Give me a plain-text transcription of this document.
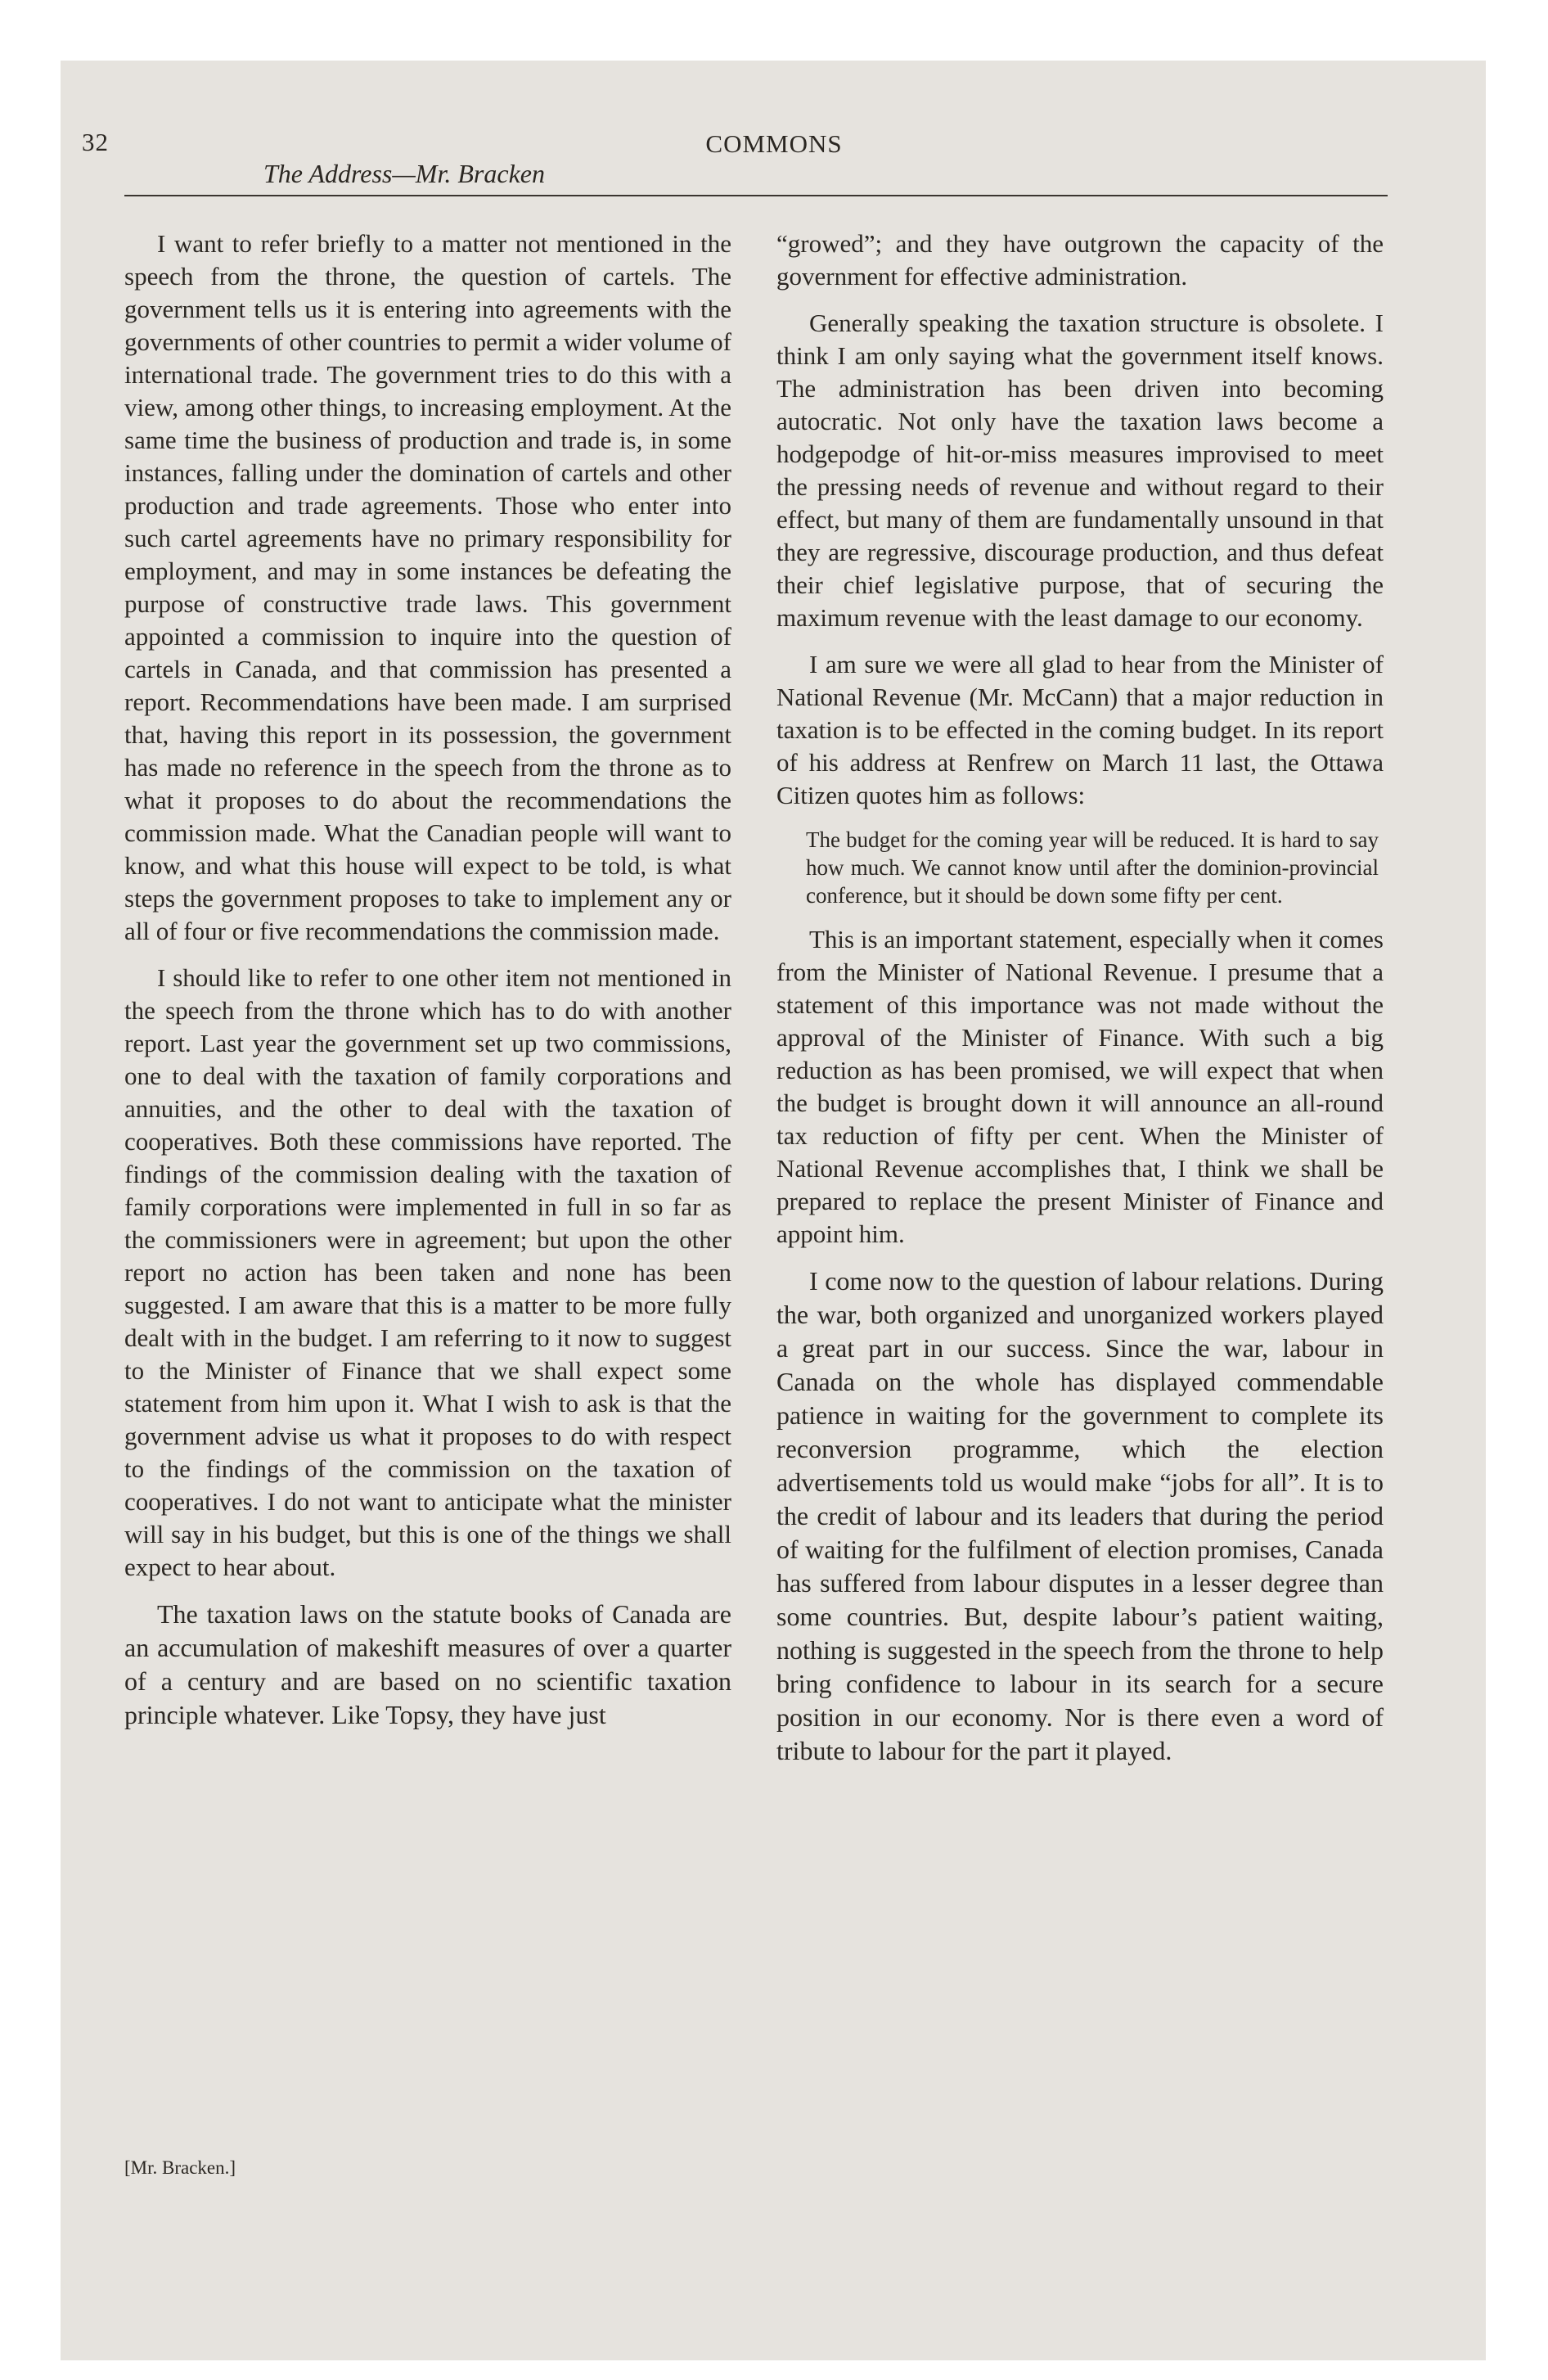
32	COMMONS
The Address—Mr. Bracken

I want to refer briefly to a matter not mentioned in the speech from the throne, the question of cartels. The government tells us it is entering into agreements with the governments of other countries to permit a wider volume of international trade. The government tries to do this with a view, among other things, to increasing employment. At the same time the business of production and trade is, in some instances, falling under the domination of cartels and other production and trade agreements. Those who enter into such cartel agreements have no primary responsibility for employment, and may in some instances be defeating the purpose of constructive trade laws. This government appointed a commission to inquire into the question of cartels in Canada, and that commission has presented a report. Recommendations have been made. I am surprised that, having this report in its possession, the government has made no reference in the speech from the throne as to what it proposes to do about the recommendations the commission made. What the Canadian people will want to know, and what this house will expect to be told, is what steps the government proposes to take to implement any or all of four or five recommendations the commission made.

I should like to refer to one other item not mentioned in the speech from the throne which has to do with another report. Last year the government set up two commissions, one to deal with the taxation of family corporations and annuities, and the other to deal with the taxation of cooperatives. Both these commissions have reported. The findings of the commission dealing with the taxation of family corporations were implemented in full in so far as the commissioners were in agreement; but upon the other report no action has been taken and none has been suggested. I am aware that this is a matter to be more fully dealt with in the budget. I am referring to it now to suggest to the Minister of Finance that we shall expect some statement from him upon it. What I wish to ask is that the government advise us what it proposes to do with respect to the findings of the commission on the taxation of cooperatives. I do not want to anticipate what the minister will say in his budget, but this is one of the things we shall expect to hear about.

The taxation laws on the statute books of Canada are an accumulation of makeshift measures of over a quarter of a century and are based on no scientific taxation principle whatever. Like Topsy, they have just

[Mr. Bracken.]

“growed”; and they have outgrown the capacity of the government for effective administration.

Generally speaking the taxation structure is obsolete. I think I am only saying what the government itself knows. The administration has been driven into becoming autocratic. Not only have the taxation laws become a hodgepodge of hit-or-miss measures improvised to meet the pressing needs of revenue and without regard to their effect, but many of them are fundamentally unsound in that they are regressive, discourage production, and thus defeat their chief legislative purpose, that of securing the maximum revenue with the least damage to our economy.

I am sure we were all glad to hear from the Minister of National Revenue (Mr. McCann) that a major reduction in taxation is to be effected in the coming budget. In its report of his address at Renfrew on March 11 last, the Ottawa Citizen quotes him as follows:

The budget for the coming year will be reduced. It is hard to say how much. We cannot know until after the dominion-provincial conference, but it should be down some fifty per cent.

This is an important statement, especially when it comes from the Minister of National Revenue. I presume that a statement of this importance was not made without the approval of the Minister of Finance. With such a big reduction as has been promised, we will expect that when the budget is brought down it will announce an all-round tax reduction of fifty per cent. When the Minister of National Revenue accomplishes that, I think we shall be prepared to replace the present Minister of Finance and appoint him.

I come now to the question of labour relations. During the war, both organized and unorganized workers played a great part in our success. Since the war, labour in Canada on the whole has displayed commendable patience in waiting for the government to complete its reconversion programme, which the election advertisements told us would make “jobs for all”. It is to the credit of labour and its leaders that during the period of waiting for the fulfilment of election promises, Canada has suffered from labour disputes in a lesser degree than some countries. But, despite labour’s patient waiting, nothing is suggested in the speech from the throne to help bring confidence to labour in its search for a secure position in our economy. Nor is there even a word of tribute to labour for the part it played.
